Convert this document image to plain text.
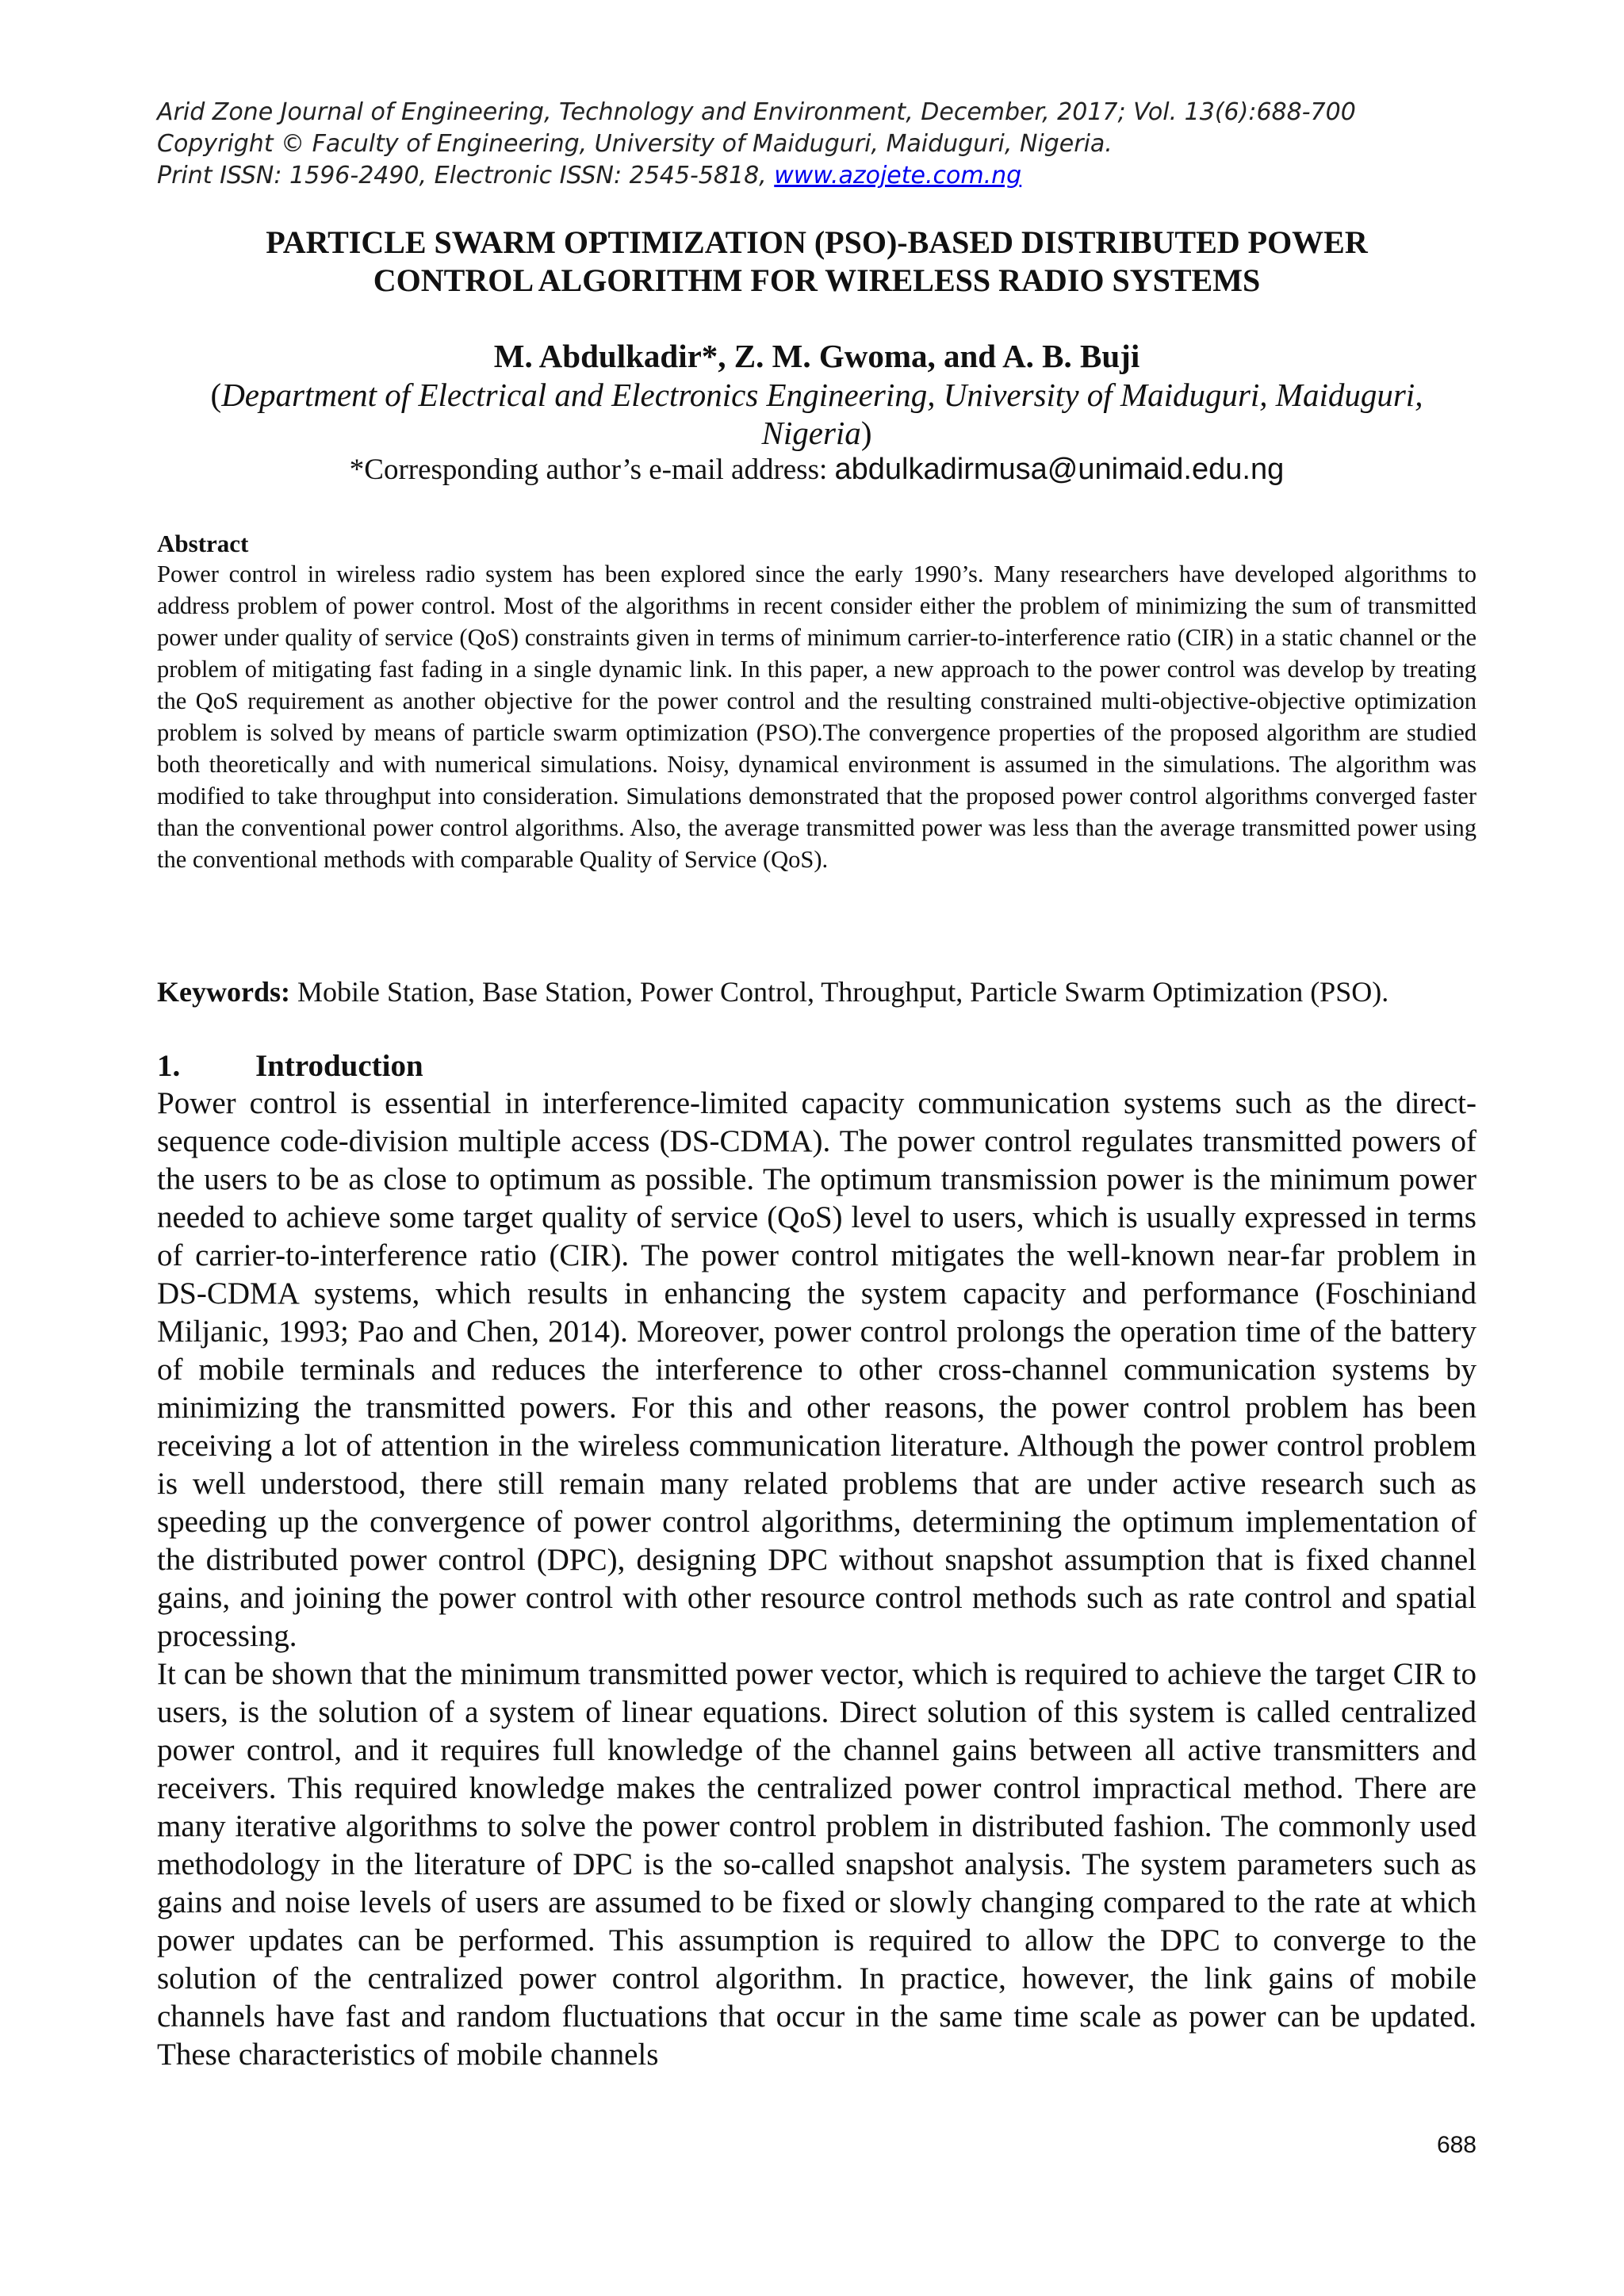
Arid Zone Journal of Engineering, Technology and Environment, December, 2017; Vol. 13(6):688-700
Copyright © Faculty of Engineering, University of Maiduguri, Maiduguri, Nigeria.
Print ISSN: 1596-2490, Electronic ISSN: 2545-5818, www.azojete.com.ng
PARTICLE SWARM OPTIMIZATION (PSO)-BASED DISTRIBUTED POWER
CONTROL ALGORITHM FOR WIRELESS RADIO SYSTEMS
M. Abdulkadir*, Z. M. Gwoma, and A. B. Buji
(Department of Electrical and Electronics Engineering, University of Maiduguri, Maiduguri, Nigeria)
*Corresponding author’s e-mail address: abdulkadirmusa@unimaid.edu.ng
Abstract
Power control in wireless radio system has been explored since the early 1990’s. Many researchers have developed algorithms to address problem of power control. Most of the algorithms in recent consider either the problem of minimizing the sum of transmitted power under quality of service (QoS) constraints given in terms of minimum carrier-to-interference ratio (CIR) in a static channel or the problem of mitigating fast fading in a single dynamic link. In this paper, a new approach to the power control was develop by treating the QoS requirement as another objective for the power control and the resulting constrained multi-objective-objective optimization problem is solved by means of particle swarm optimization (PSO).The convergence properties of the proposed algorithm are studied both theoretically and with numerical simulations. Noisy, dynamical environment is assumed in the simulations. The algorithm was modified to take throughput into consideration. Simulations demonstrated that the proposed power control algorithms converged faster than the conventional power control algorithms. Also, the average transmitted power was less than the average transmitted power using the conventional methods with comparable Quality of Service (QoS).
Keywords: Mobile Station, Base Station, Power Control, Throughput, Particle Swarm Optimization (PSO).
1. Introduction

Power control is essential in interference-limited capacity communication systems such as the direct-sequence code-division multiple access (DS-CDMA). The power control regulates transmitted powers of the users to be as close to optimum as possible. The optimum transmission power is the minimum power needed to achieve some target quality of service (QoS) level to users, which is usually expressed in terms of carrier-to-interference ratio (CIR). The power control mitigates the well-known near-far problem in DS-CDMA systems, which results in enhancing the system capacity and performance (Foschiniand Miljanic, 1993; Pao and Chen, 2014). Moreover, power control prolongs the operation time of the battery of mobile terminals and reduces the interference to other cross-channel communication systems by minimizing the transmitted powers. For this and other reasons, the power control problem has been receiving a lot of attention in the wireless communication literature. Although the power control problem is well understood, there still remain many related problems that are under active research such as speeding up the convergence of power control algorithms, determining the optimum implementation of the distributed power control (DPC), designing DPC without snapshot assumption that is fixed channel gains, and joining the power control with other resource control methods such as rate control and spatial processing.

It can be shown that the minimum transmitted power vector, which is required to achieve the target CIR to users, is the solution of a system of linear equations. Direct solution of this system is called centralized power control, and it requires full knowledge of the channel gains between all active transmitters and receivers. This required knowledge makes the centralized power control impractical method. There are many iterative algorithms to solve the power control problem in distributed fashion. The commonly used methodology in the literature of DPC is the so-called snapshot analysis. The system parameters such as gains and noise levels of users are assumed to be fixed or slowly changing compared to the rate at which power updates can be performed. This assumption is required to allow the DPC to converge to the solution of the centralized power control algorithm. In practice, however, the link gains of mobile channels have fast and random fluctuations that occur in the same time scale as power can be updated. These characteristics of mobile channels

688
